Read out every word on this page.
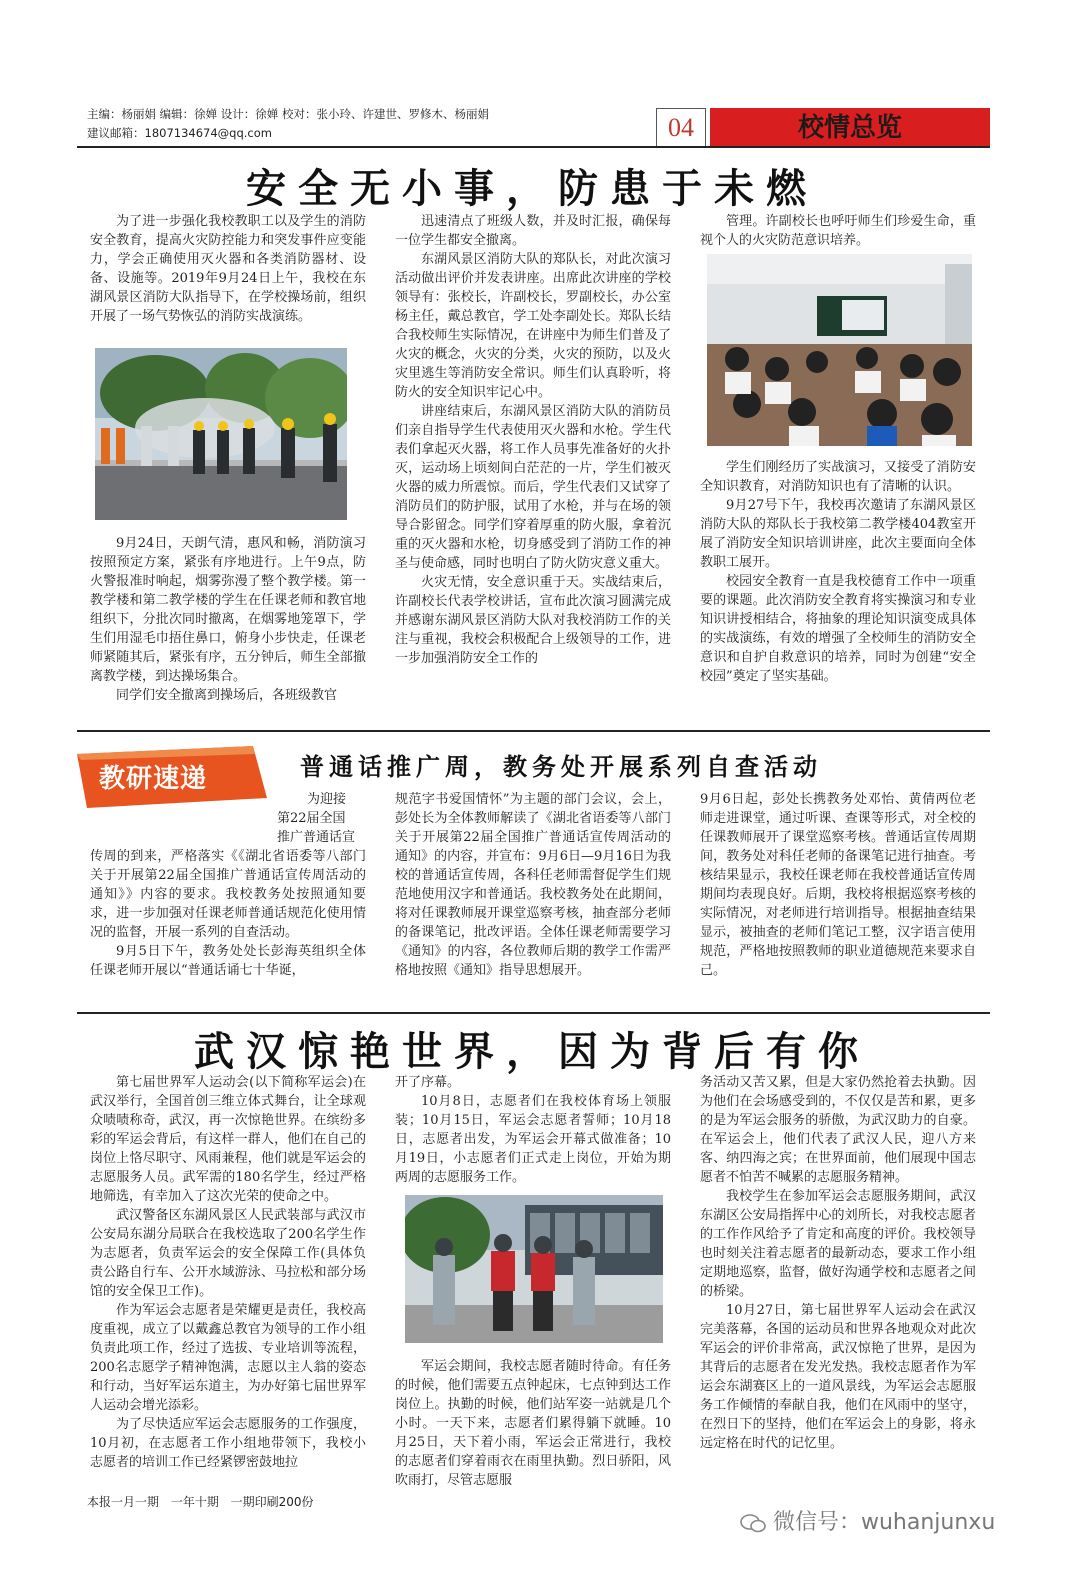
主编：杨丽娟 编辑：徐婵 设计：徐婵 校对：张小玲、许建世、罗修木、杨丽娟
建议邮箱：1807134674@qq.com	04	校情总览
安全无小事，防患于未燃

为了进一步强化我校教职工以及学生的消防安全教育，提高火灾防控能力和突发事件应变能力，学会正确使用灭火器和各类消防器材、设备、设施等。2019年9月24日上午，我校在东湖风景区消防大队指导下，在学校操场前，组织开展了一场气势恢弘的消防实战演练。

9月24日，天朗气清，惠风和畅，消防演习按照预定方案，紧张有序地进行。上午9点，防火警报准时响起，烟雾弥漫了整个教学楼。第一教学楼和第二教学楼的学生在任课老师和教官地组织下，分批次同时撤离，在烟雾地笼罩下，学生们用湿毛巾捂住鼻口，俯身小步快走，任课老师紧随其后，紧张有序，五分钟后，师生全部撤离教学楼，到达操场集合。

同学们安全撤离到操场后，各班级教官

迅速清点了班级人数，并及时汇报，确保每一位学生都安全撤离。

东湖风景区消防大队的郑队长，对此次演习活动做出评价并发表讲座。出席此次讲座的学校领导有：张校长，许副校长，罗副校长，办公室杨主任，戴总教官，学工处李副处长。郑队长结合我校师生实际情况，在讲座中为师生们普及了火灾的概念，火灾的分类，火灾的预防，以及火灾里逃生等消防安全常识。师生们认真聆听，将防火的安全知识牢记心中。

讲座结束后，东湖风景区消防大队的消防员们亲自指导学生代表使用灭火器和水枪。学生代表们拿起灭火器，将工作人员事先准备好的火扑灭，运动场上顷刻间白茫茫的一片，学生们被灭火器的威力所震惊。而后，学生代表们又试穿了消防员们的防护服，试用了水枪，并与在场的领导合影留念。同学们穿着厚重的防火服，拿着沉重的灭火器和水枪，切身感受到了消防工作的神圣与使命感，同时也明白了防火防灾意义重大。

火灾无情，安全意识重于天。实战结束后，许副校长代表学校讲话，宣布此次演习圆满完成并感谢东湖风景区消防大队对我校消防工作的关注与重视，我校会积极配合上级领导的工作，进一步加强消防安全工作的

管理。许副校长也呼吁师生们珍爱生命，重视个人的火灾防范意识培养。

学生们刚经历了实战演习，又接受了消防安全知识教育，对消防知识也有了清晰的认识。

9月27号下午，我校再次邀请了东湖风景区消防大队的郑队长于我校第二教学楼404教室开展了消防安全知识培训讲座，此次主要面向全体教职工展开。

校园安全教育一直是我校德育工作中一项重要的课题。此次消防安全教育将实操演习和专业知识讲授相结合，将抽象的理论知识演变成具体的实战演练，有效的增强了全校师生的消防安全意识和自护自救意识的培养，同时为创建“安全校园”奠定了坚实基础。

教研速递	普通话推广周，教务处开展系列自查活动
为迎接
第22届全国
推广普通话宣
传周的到来，严格落实《《湖北省语委等八部门关于开展第22届全国推广普通话宣传周活动的通知》》内容的要求。我校教务处按照通知要求，进一步加强对任课老师普通话规范化使用情况的监督，开展一系列的自查活动。

9月5日下午，教务处处长彭海英组织全体任课老师开展以“普通话诵七十华诞，

规范字书爱国情怀”为主题的部门会议，会上，彭处长为全体教师解读了《湖北省语委等八部门关于开展第22届全国推广普通话宣传周活动的通知》的内容，并宣布：9月6日—9月16日为我校的普通话宣传周，各科任老师需督促学生们规范地使用汉字和普通话。我校教务处在此期间，将对任课教师展开课堂巡察考核，抽查部分老师的备课笔记，批改评语。全体任课老师需要学习《通知》的内容，各位教师后期的教学工作需严格地按照《通知》指导思想展开。
9月6日起，彭处长携教务处邓怡、黄倩两位老师走进课堂，通过听课、查课等形式，对全校的任课教师展开了课堂巡察考核。普通话宣传周期间，教务处对科任老师的备课笔记进行抽查。考核结果显示，我校任课老师在我校普通话宣传周期间均表现良好。后期，我校将根据巡察考核的实际情况，对老师进行培训指导。根据抽查结果显示，被抽查的老师们笔记工整，汉字语言使用规范，严格地按照教师的职业道德规范来要求自己。
武汉惊艳世界，因为背后有你

第七届世界军人运动会(以下简称军运会)在武汉举行，全国首创三维立体式舞台，让全球观众啧啧称奇，武汉，再一次惊艳世界。在缤纷多彩的军运会背后，有这样一群人，他们在自己的岗位上恪尽职守、风雨兼程，他们就是军运会的志愿服务人员。武军需的180名学生，经过严格地筛选，有幸加入了这次光荣的使命之中。

武汉警备区东湖风景区人民武装部与武汉市公安局东湖分局联合在我校选取了200名学生作为志愿者，负责军运会的安全保障工作(具体负责公路自行车、公开水域游泳、马拉松和部分场馆的安全保卫工作)。

作为军运会志愿者是荣耀更是责任，我校高度重视，成立了以戴鑫总教官为领导的工作小组负责此项工作，经过了选拔、专业培训等流程，200名志愿学子精神饱满，志愿以主人翁的姿态和行动，当好军运东道主，为办好第七届世界军人运动会增光添彩。

为了尽快适应军运会志愿服务的工作强度，10月初，在志愿者工作小组地带领下，我校小志愿者的培训工作已经紧锣密鼓地拉

开了序幕。

10月8日，志愿者们在我校体育场上领服装；10月15日，军运会志愿者誓师；10月18日，志愿者出发，为军运会开幕式做准备；10月19日，小志愿者们正式走上岗位，开始为期两周的志愿服务工作。

军运会期间，我校志愿者随时待命。有任务的时候，他们需要五点钟起床，七点钟到达工作岗位上。执勤的时候，他们站军姿一站就是几个小时。一天下来，志愿者们累得躺下就睡。10月25日，天下着小雨，军运会正常进行，我校的志愿者们穿着雨衣在雨里执勤。烈日骄阳，风吹雨打，尽管志愿服

务活动又苦又累，但是大家仍然抢着去执勤。因为他们在会场感受到的，不仅仅是苦和累，更多的是为军运会服务的骄傲，为武汉助力的自豪。在军运会上，他们代表了武汉人民，迎八方来客、纳四海之宾；在世界面前，他们展现中国志愿者不怕苦不喊累的志愿服务精神。

我校学生在参加军运会志愿服务期间，武汉东湖区公安局指挥中心的刘所长，对我校志愿者的工作作风给予了肯定和高度的评价。我校领导也时刻关注着志愿者的最新动态，要求工作小组定期地巡察，监督，做好沟通学校和志愿者之间的桥梁。

10月27日，第七届世界军人运动会在武汉完美落幕，各国的运动员和世界各地观众对此次军运会的评价非常高，武汉惊艳了世界，是因为其背后的志愿者在发光发热。我校志愿者作为军运会东湖赛区上的一道风景线，为军运会志愿服务工作倾情的奉献自我，他们在风雨中的坚守，在烈日下的坚持，他们在军运会上的身影，将永远定格在时代的记忆里。

本报一月一期 一年十期 一期印刷200份
微信号：wuhanjunxu
